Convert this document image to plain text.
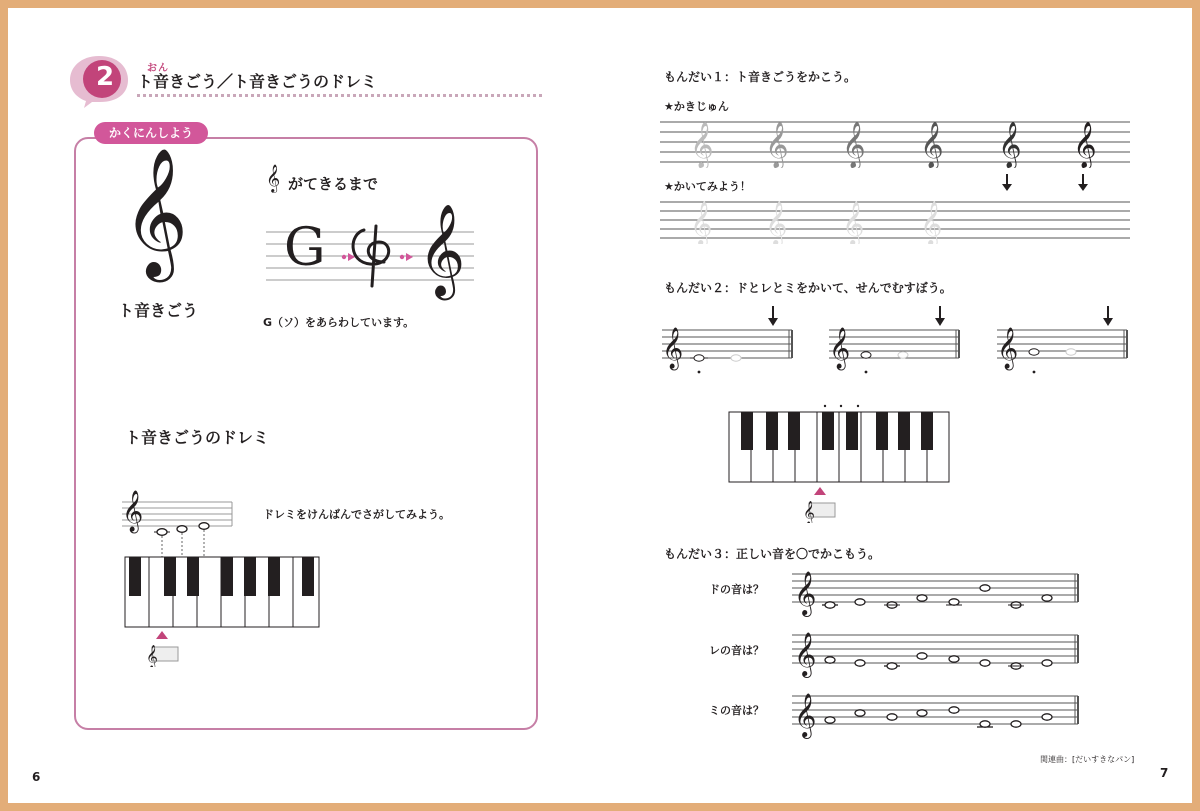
2	おん
ト音きごう／ト音きごうのドレミ
かくにんしよう
𝄞
ト音きごう
𝄞 がてきるまで
G 𝄞
G（ソ）をあらわしています。
ト音きごうのドレミ
𝄞	ドレミをけんばんでさがしてみよう。
𝄞
6
もんだい１：ト音きごうをかこう。
★かきじゅん
𝄞 𝄞 𝄞 𝄞 𝄞 𝄞
★かいてみよう！
𝄞 𝄞 𝄞 𝄞
もんだい２：ドとレとミをかいて、せんでむすぼう。
𝄞	𝄞	𝄞
𝄞
もんだい３：正しい音を〇でかこもう。
ドの音は？ 𝄞
レの音は？ 𝄞
ミの音は？ 𝄞
関連曲：[だいすきなパン]
7
